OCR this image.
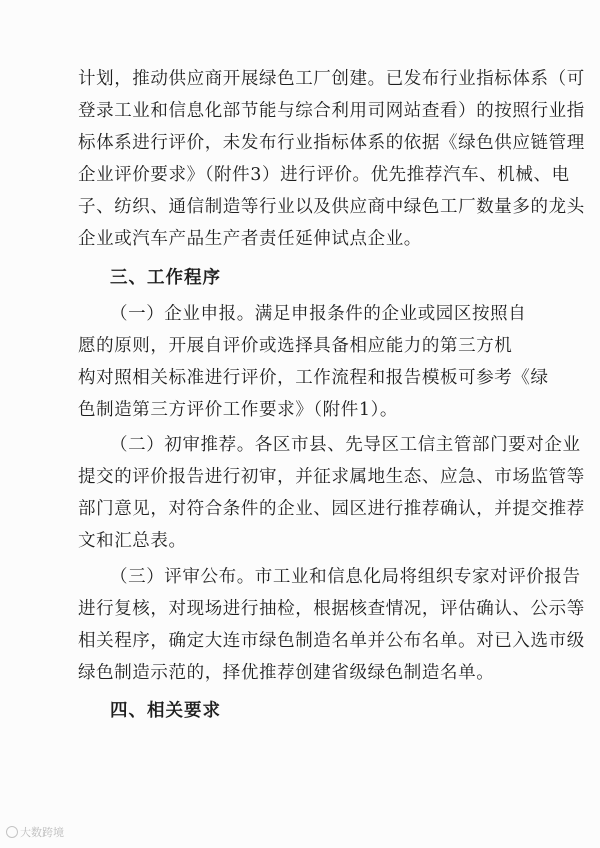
计划，推动供应商开展绿色工厂创建。已发布行业指标体系（可
登录工业和信息化部节能与综合利用司网站查看）的按照行业指
标体系进行评价，未发布行业指标体系的依据《绿色供应链管理
企业评价要求》（附件3）进行评价。优先推荐汽车、机械、电
子、纺织、通信制造等行业以及供应商中绿色工厂数量多的龙头
企业或汽车产品生产者责任延伸试点企业。
三、工作程序
（一）企业申报。满足申报条件的企业或园区按照自
愿的原则，开展自评价或选择具备相应能力的第三方机
构对照相关标准进行评价，工作流程和报告模板可参考《绿
色制造第三方评价工作要求》（附件1）。
（二）初审推荐。各区市县、先导区工信主管部门要对企业
提交的评价报告进行初审，并征求属地生态、应急、市场监管等
部门意见，对符合条件的企业、园区进行推荐确认，并提交推荐
文和汇总表。
（三）评审公布。市工业和信息化局将组织专家对评价报告
进行复核，对现场进行抽检，根据核查情况，评估确认、公示等
相关程序，确定大连市绿色制造名单并公布名单。对已入选市级
绿色制造示范的，择优推荐创建省级绿色制造名单。
四、相关要求
大数跨境
